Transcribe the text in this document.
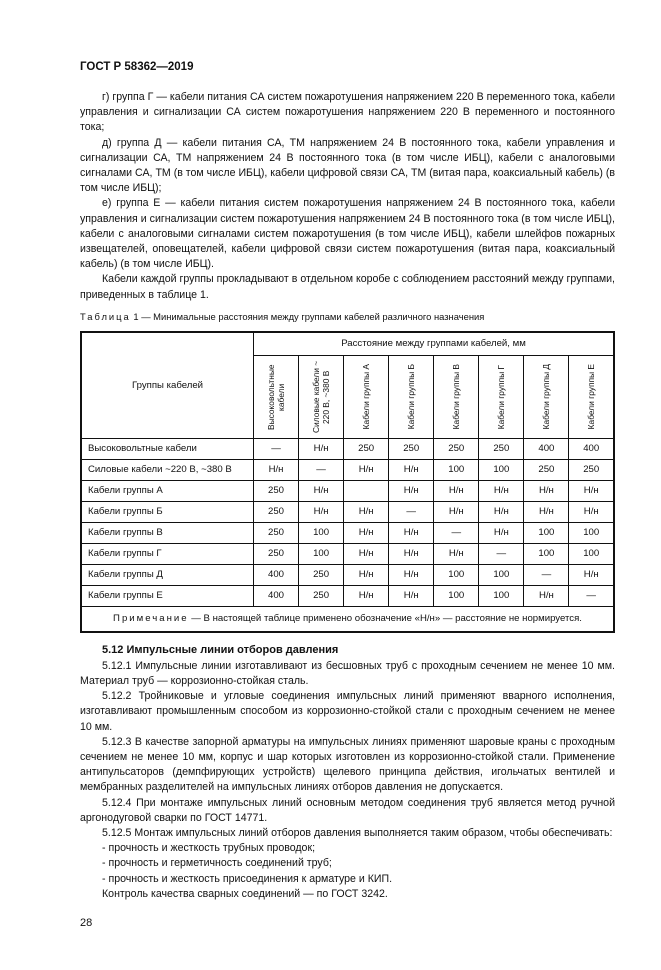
ГОСТ Р 58362—2019

г) группа Г — кабели питания СА систем пожаротушения напряжением 220 В переменного тока, кабели управления и сигнализации СА систем пожаротушения напряжением 220 В переменного и постоянного тока;

д) группа Д — кабели питания СА, ТМ напряжением 24 В постоянного тока, кабели управления и сигнализации СА, ТМ напряжением 24 В постоянного тока (в том числе ИБЦ), кабели с аналоговыми сигналами СА, ТМ (в том числе ИБЦ), кабели цифровой связи СА, ТМ (витая пара, коаксиальный кабель) (в том числе ИБЦ);

е) группа Е — кабели питания систем пожаротушения напряжением 24 В постоянного тока, кабели управления и сигнализации систем пожаротушения напряжением 24 В постоянного тока (в том числе ИБЦ), кабели с аналоговыми сигналами систем пожаротушения (в том числе ИБЦ), кабели шлейфов пожарных извещателей, оповещателей, кабели цифровой связи систем пожаротушения (витая пара, коаксиальный кабель) (в том числе ИБЦ).

Кабели каждой группы прокладывают в отдельном коробе с соблюдением расстояний между группами, приведенных в таблице 1.

Таблица 1 — Минимальные расстояния между группами кабелей различного назначения
Группы кабелей	Расстояние между группами кабелей, мм							

	Высоковольтные кабели	Силовые кабели ~ 220 В, ~380 В	Кабели группы А	Кабели группы Б	Кабели группы В	Кабели группы Г	Кабели группы Д	Кабели группы Е

Высоковольтные кабели	—	Н/н	250	250	250	250	400	400
Силовые кабели ~220 В, ~380 В	Н/н	—	Н/н	Н/н	100	100	250	250
Кабели группы А	250	Н/н		Н/н	Н/н	Н/н	Н/н	Н/н
Кабели группы Б	250	Н/н	Н/н	—	Н/н	Н/н	Н/н	Н/н
Кабели группы В	250	100	Н/н	Н/н	—	Н/н	100	100
Кабели группы Г	250	100	Н/н	Н/н	Н/н	—	100	100
Кабели группы Д	400	250	Н/н	Н/н	100	100	—	Н/н
Кабели группы Е	400	250	Н/н	Н/н	100	100	Н/н	—
Примечание — В настоящей таблице применено обозначение «Н/н» — расстояние не нормируется.								
5.12 Импульсные линии отборов давления

5.12.1 Импульсные линии изготавливают из бесшовных труб с проходным сечением не менее 10 мм. Материал труб — коррозионно-стойкая сталь.

5.12.2 Тройниковые и угловые соединения импульсных линий применяют вварного исполнения, изготавливают промышленным способом из коррозионно-стойкой стали с проходным сечением не менее 10 мм.

5.12.3 В качестве запорной арматуры на импульсных линиях применяют шаровые краны с проходным сечением не менее 10 мм, корпус и шар которых изготовлен из коррозионно-стойкой стали. Применение антипульсаторов (демпфирующих устройств) щелевого принципа действия, игольчатых вентилей и мембранных разделителей на импульсных линиях отборов давления не допускается.

5.12.4 При монтаже импульсных линий основным методом соединения труб является метод ручной аргонодуговой сварки по ГОСТ 14771.

5.12.5 Монтаж импульсных линий отборов давления выполняется таким образом, чтобы обеспечивать:

- прочность и жесткость трубных проводок;

- прочность и герметичность соединений труб;

- прочность и жесткость присоединения к арматуре и КИП.

Контроль качества сварных соединений — по ГОСТ 3242.

28
